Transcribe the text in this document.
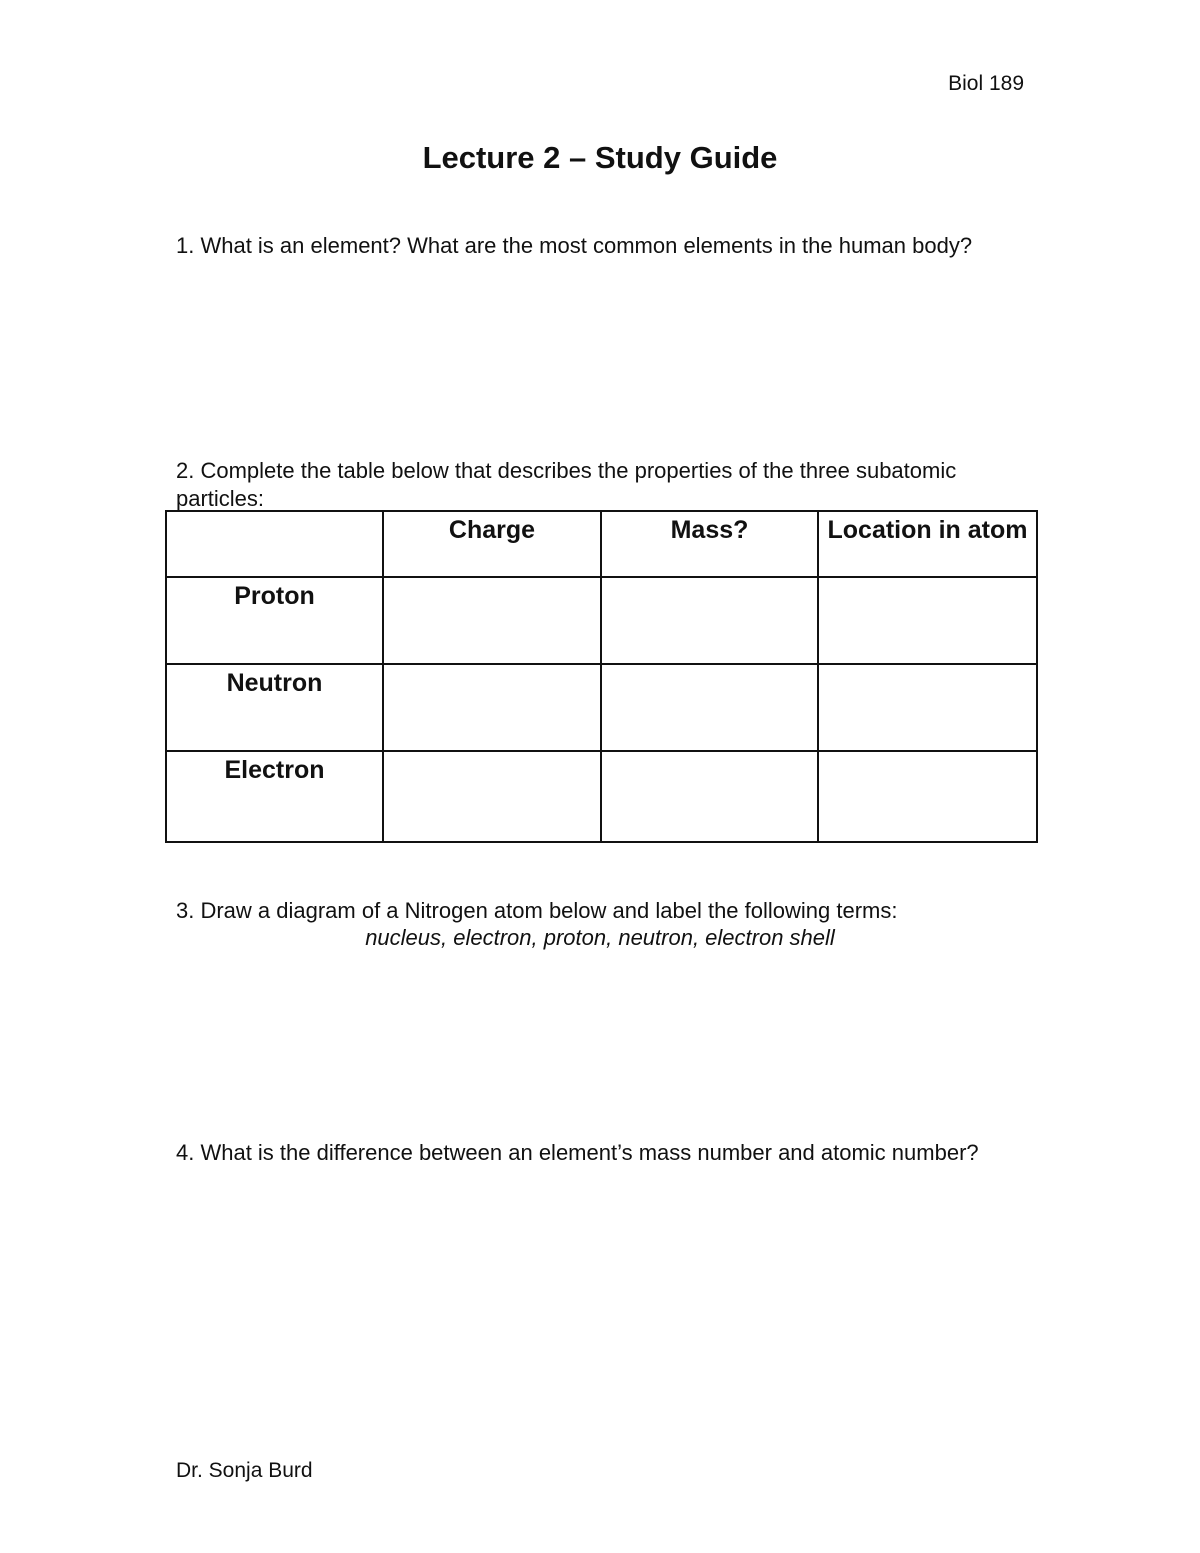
Biol 189
Lecture 2 – Study Guide

1. What is an element? What are the most common elements in the human body?

2. Complete the table below that describes the properties of the three subatomic particles:

	Charge	Mass?	Location in atom
Proton			
Neutron			
Electron			

3. Draw a diagram of a Nitrogen atom below and label the following terms:

nucleus, electron, proton, neutron, electron shell

4. What is the difference between an element’s mass number and atomic number?

Dr. Sonja Burd
